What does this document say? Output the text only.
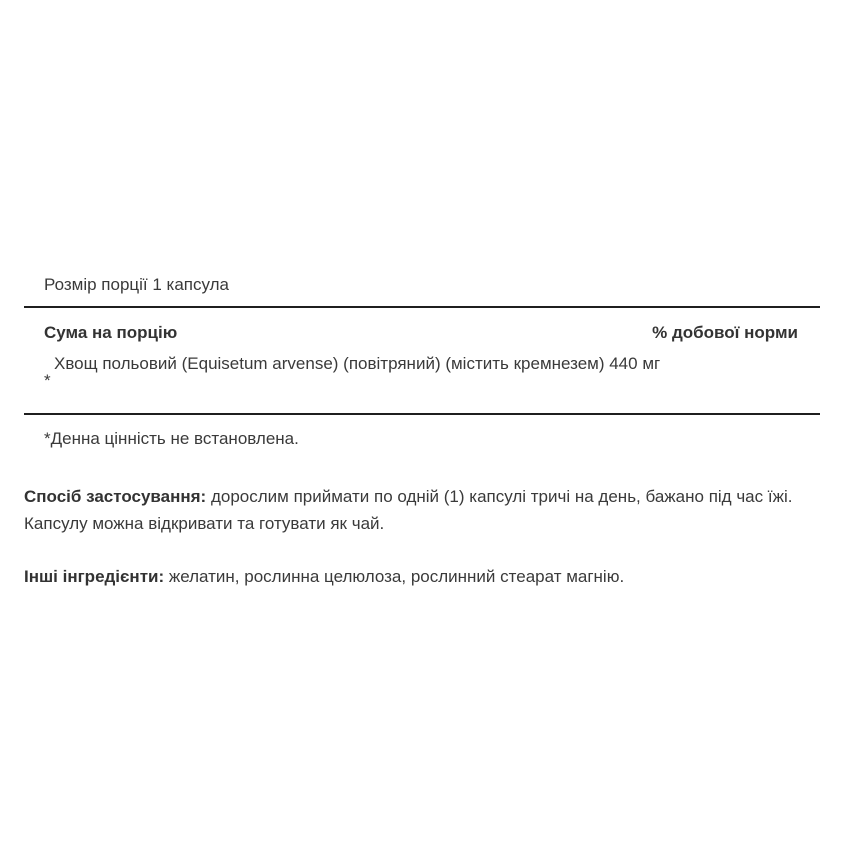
Розмір порції 1 капсула
Сума на порцію	% добової норми
Хвощ польовий (Equisetum arvense) (повітряний) (містить кремнезем) 440 мг
*
*Денна цінність не встановлена.
Спосіб застосування: дорослим приймати по одній (1) капсулі тричі на день, бажано під час їжі. Капсулу можна відкривати та готувати як чай.
Інші інгредієнти: желатин, рослинна целюлоза, рослинний стеарат магнію.
